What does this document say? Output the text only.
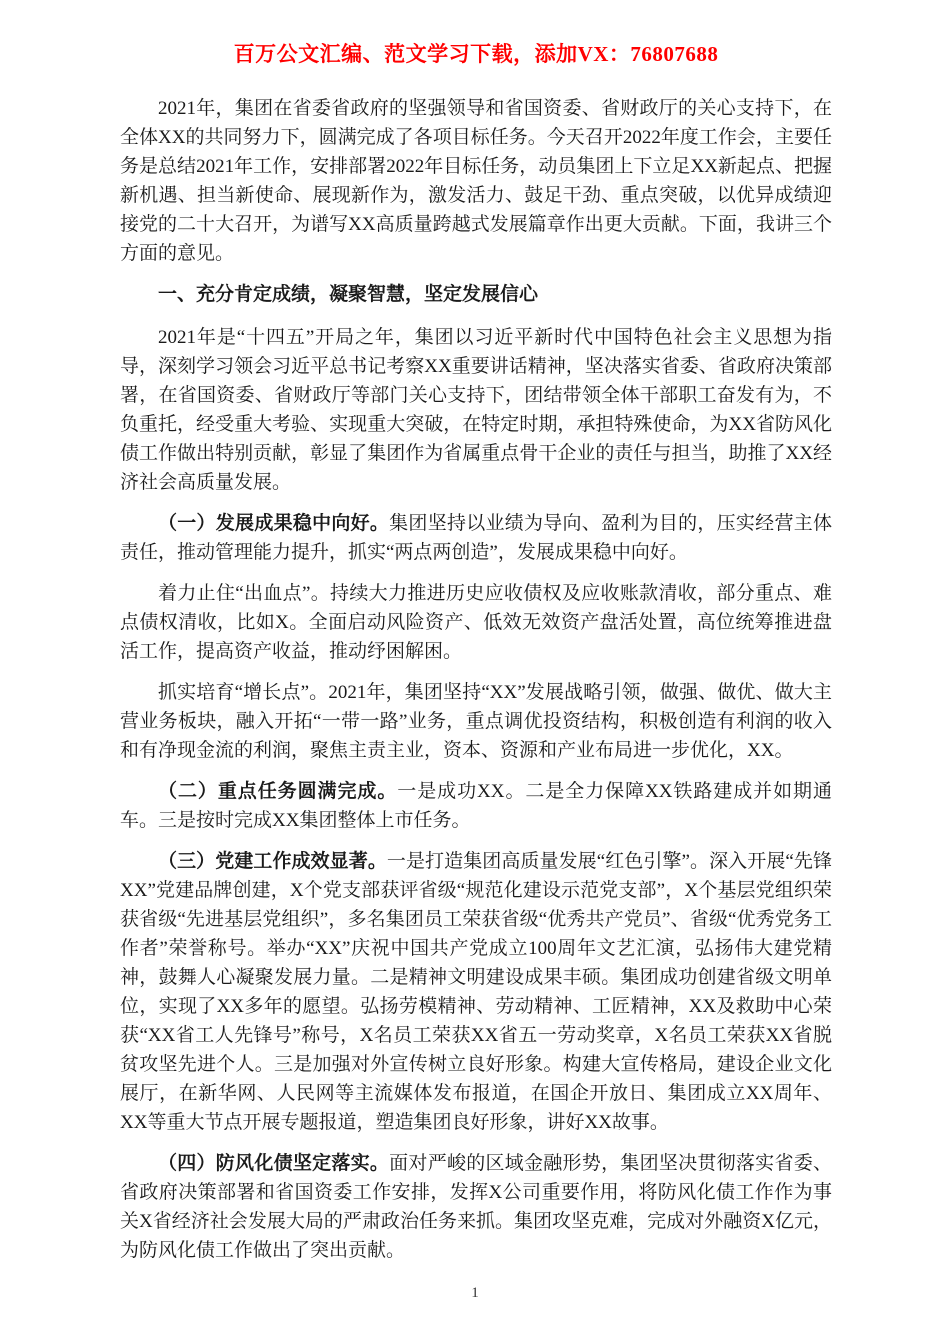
百万公文汇编、范文学习下载，添加VX：76807688

2021年，集团在省委省政府的坚强领导和省国资委、省财政厅的关心支持下，在全体XX的共同努力下，圆满完成了各项目标任务。今天召开2022年度工作会，主要任务是总结2021年工作，安排部署2022年目标任务，动员集团上下立足XX新起点、把握新机遇、担当新使命、展现新作为，激发活力、鼓足干劲、重点突破，以优异成绩迎接党的二十大召开，为谱写XX高质量跨越式发展篇章作出更大贡献。下面，我讲三个方面的意见。

一、充分肯定成绩，凝聚智慧，坚定发展信心

2021年是“十四五”开局之年，集团以习近平新时代中国特色社会主义思想为指导，深刻学习领会习近平总书记考察XX重要讲话精神，坚决落实省委、省政府决策部署，在省国资委、省财政厅等部门关心支持下，团结带领全体干部职工奋发有为，不负重托，经受重大考验、实现重大突破，在特定时期，承担特殊使命，为XX省防风化债工作做出特别贡献，彰显了集团作为省属重点骨干企业的责任与担当，助推了XX经济社会高质量发展。

（一）发展成果稳中向好。集团坚持以业绩为导向、盈利为目的，压实经营主体责任，推动管理能力提升，抓实“两点两创造”，发展成果稳中向好。

着力止住“出血点”。持续大力推进历史应收债权及应收账款清收，部分重点、难点债权清收，比如X。全面启动风险资产、低效无效资产盘活处置，高位统筹推进盘活工作，提高资产收益，推动纾困解困。

抓实培育“增长点”。2021年，集团坚持“XX”发展战略引领，做强、做优、做大主营业务板块，融入开拓“一带一路”业务，重点调优投资结构，积极创造有利润的收入和有净现金流的利润，聚焦主责主业，资本、资源和产业布局进一步优化，XX。

（二）重点任务圆满完成。一是成功XX。二是全力保障XX铁路建成并如期通车。三是按时完成XX集团整体上市任务。

（三）党建工作成效显著。一是打造集团高质量发展“红色引擎”。深入开展“先锋XX”党建品牌创建，X个党支部获评省级“规范化建设示范党支部”，X个基层党组织荣获省级“先进基层党组织”，多名集团员工荣获省级“优秀共产党员”、省级“优秀党务工作者”荣誉称号。举办“XX”庆祝中国共产党成立100周年文艺汇演，弘扬伟大建党精神，鼓舞人心凝聚发展力量。二是精神文明建设成果丰硕。集团成功创建省级文明单位，实现了XX多年的愿望。弘扬劳模精神、劳动精神、工匠精神，XX及救助中心荣获“XX省工人先锋号”称号，X名员工荣获XX省五一劳动奖章，X名员工荣获XX省脱贫攻坚先进个人。三是加强对外宣传树立良好形象。构建大宣传格局，建设企业文化展厅，在新华网、人民网等主流媒体发布报道，在国企开放日、集团成立XX周年、XX等重大节点开展专题报道，塑造集团良好形象，讲好XX故事。

（四）防风化债坚定落实。面对严峻的区域金融形势，集团坚决贯彻落实省委、省政府决策部署和省国资委工作安排，发挥X公司重要作用，将防风化债工作作为事关X省经济社会发展大局的严肃政治任务来抓。集团攻坚克难，完成对外融资X亿元，为防风化债工作做出了突出贡献。

1
